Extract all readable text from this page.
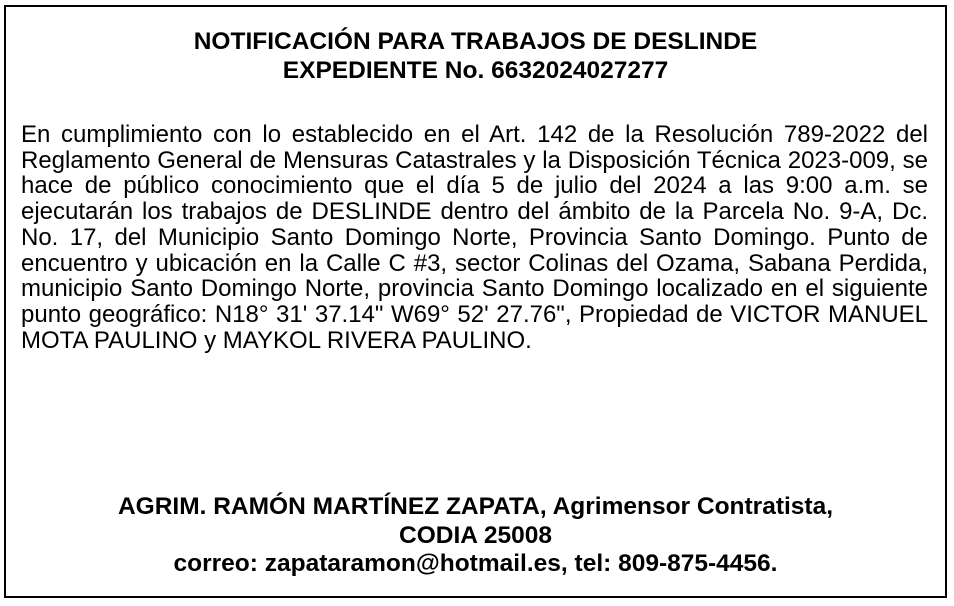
NOTIFICACIÓN PARA TRABAJOS DE DESLINDE
EXPEDIENTE No. 6632024027277
En cumplimiento con lo establecido en el Art. 142 de la Resolución 789-2022 del Reglamento General de Mensuras Catastrales y la Disposición Técnica 2023-009, se hace de público conocimiento que el día 5 de julio del 2024 a las 9:00 a.m. se ejecutarán los trabajos de DESLINDE dentro del ámbito de la Parcela No. 9-A, Dc. No. 17, del Municipio Santo Domingo Norte, Provincia Santo Domingo. Punto de encuentro y ubicación en la Calle C #3, sector Colinas del Ozama, Sabana Perdida, municipio Santo Domingo Norte, provincia Santo Domingo localizado en el siguiente punto geográfico: N18° 31' 37.14" W69° 52' 27.76", Propiedad de VICTOR MANUEL MOTA PAULINO y MAYKOL RIVERA PAULINO.
AGRIM. RAMÓN MARTÍNEZ ZAPATA, Agrimensor Contratista,
CODIA 25008
correo: zapataramon@hotmail.es, tel: 809-875-4456.
